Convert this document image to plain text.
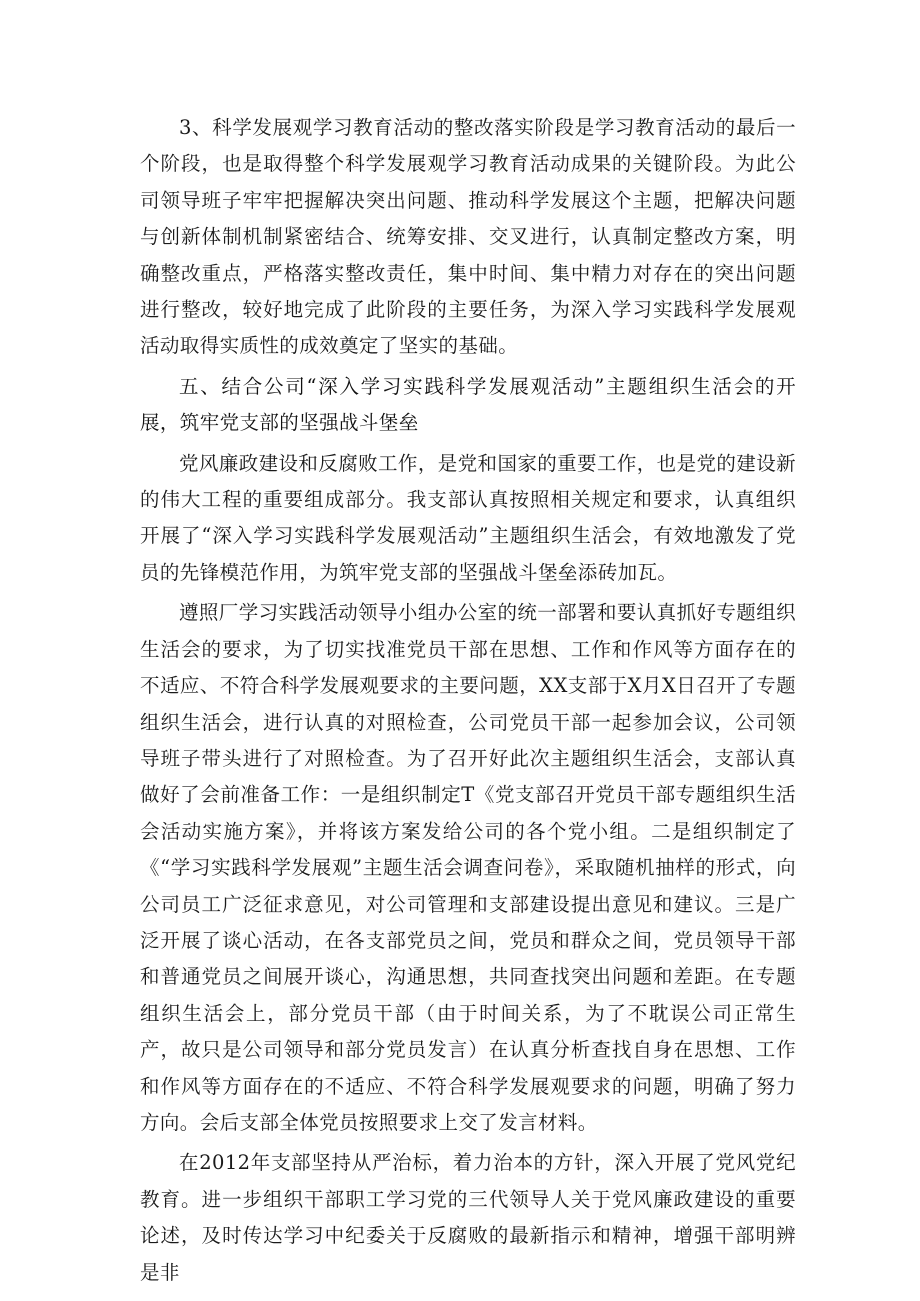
3、科学发展观学习教育活动的整改落实阶段是学习教育活动的最后一个阶段，也是取得整个科学发展观学习教育活动成果的关键阶段。为此公司领导班子牢牢把握解决突出问题、推动科学发展这个主题，把解决问题与创新体制机制紧密结合、统筹安排、交叉进行，认真制定整改方案，明确整改重点，严格落实整改责任，集中时间、集中精力对存在的突出问题进行整改，较好地完成了此阶段的主要任务，为深入学习实践科学发展观活动取得实质性的成效奠定了坚实的基础。

五、结合公司“深入学习实践科学发展观活动”主题组织生活会的开展，筑牢党支部的坚强战斗堡垒

党风廉政建设和反腐败工作，是党和国家的重要工作，也是党的建设新的伟大工程的重要组成部分。我支部认真按照相关规定和要求，认真组织开展了“深入学习实践科学发展观活动”主题组织生活会，有效地激发了党员的先锋模范作用，为筑牢党支部的坚强战斗堡垒添砖加瓦。

遵照厂学习实践活动领导小组办公室的统一部署和要认真抓好专题组织生活会的要求，为了切实找准党员干部在思想、工作和作风等方面存在的不适应、不符合科学发展观要求的主要问题，XX支部于X月X日召开了专题组织生活会，进行认真的对照检查，公司党员干部一起参加会议，公司领导班子带头进行了对照检查。为了召开好此次主题组织生活会，支部认真做好了会前准备工作：一是组织制定T《党支部召开党员干部专题组织生活会活动实施方案》，并将该方案发给公司的各个党小组。二是组织制定了《“学习实践科学发展观”主题生活会调查问卷》，采取随机抽样的形式，向公司员工广泛征求意见，对公司管理和支部建设提出意见和建议。三是广泛开展了谈心活动，在各支部党员之间，党员和群众之间，党员领导干部和普通党员之间展开谈心，沟通思想，共同查找突出问题和差距。在专题组织生活会上，部分党员干部（由于时间关系，为了不耽误公司正常生产，故只是公司领导和部分党员发言）在认真分析查找自身在思想、工作和作风等方面存在的不适应、不符合科学发展观要求的问题，明确了努力方向。会后支部全体党员按照要求上交了发言材料。

在2012年支部坚持从严治标，着力治本的方针，深入开展了党风党纪教育。进一步组织干部职工学习党的三代领导人关于党风廉政建设的重要论述，及时传达学习中纪委关于反腐败的最新指示和精神，增强干部明辨是非
